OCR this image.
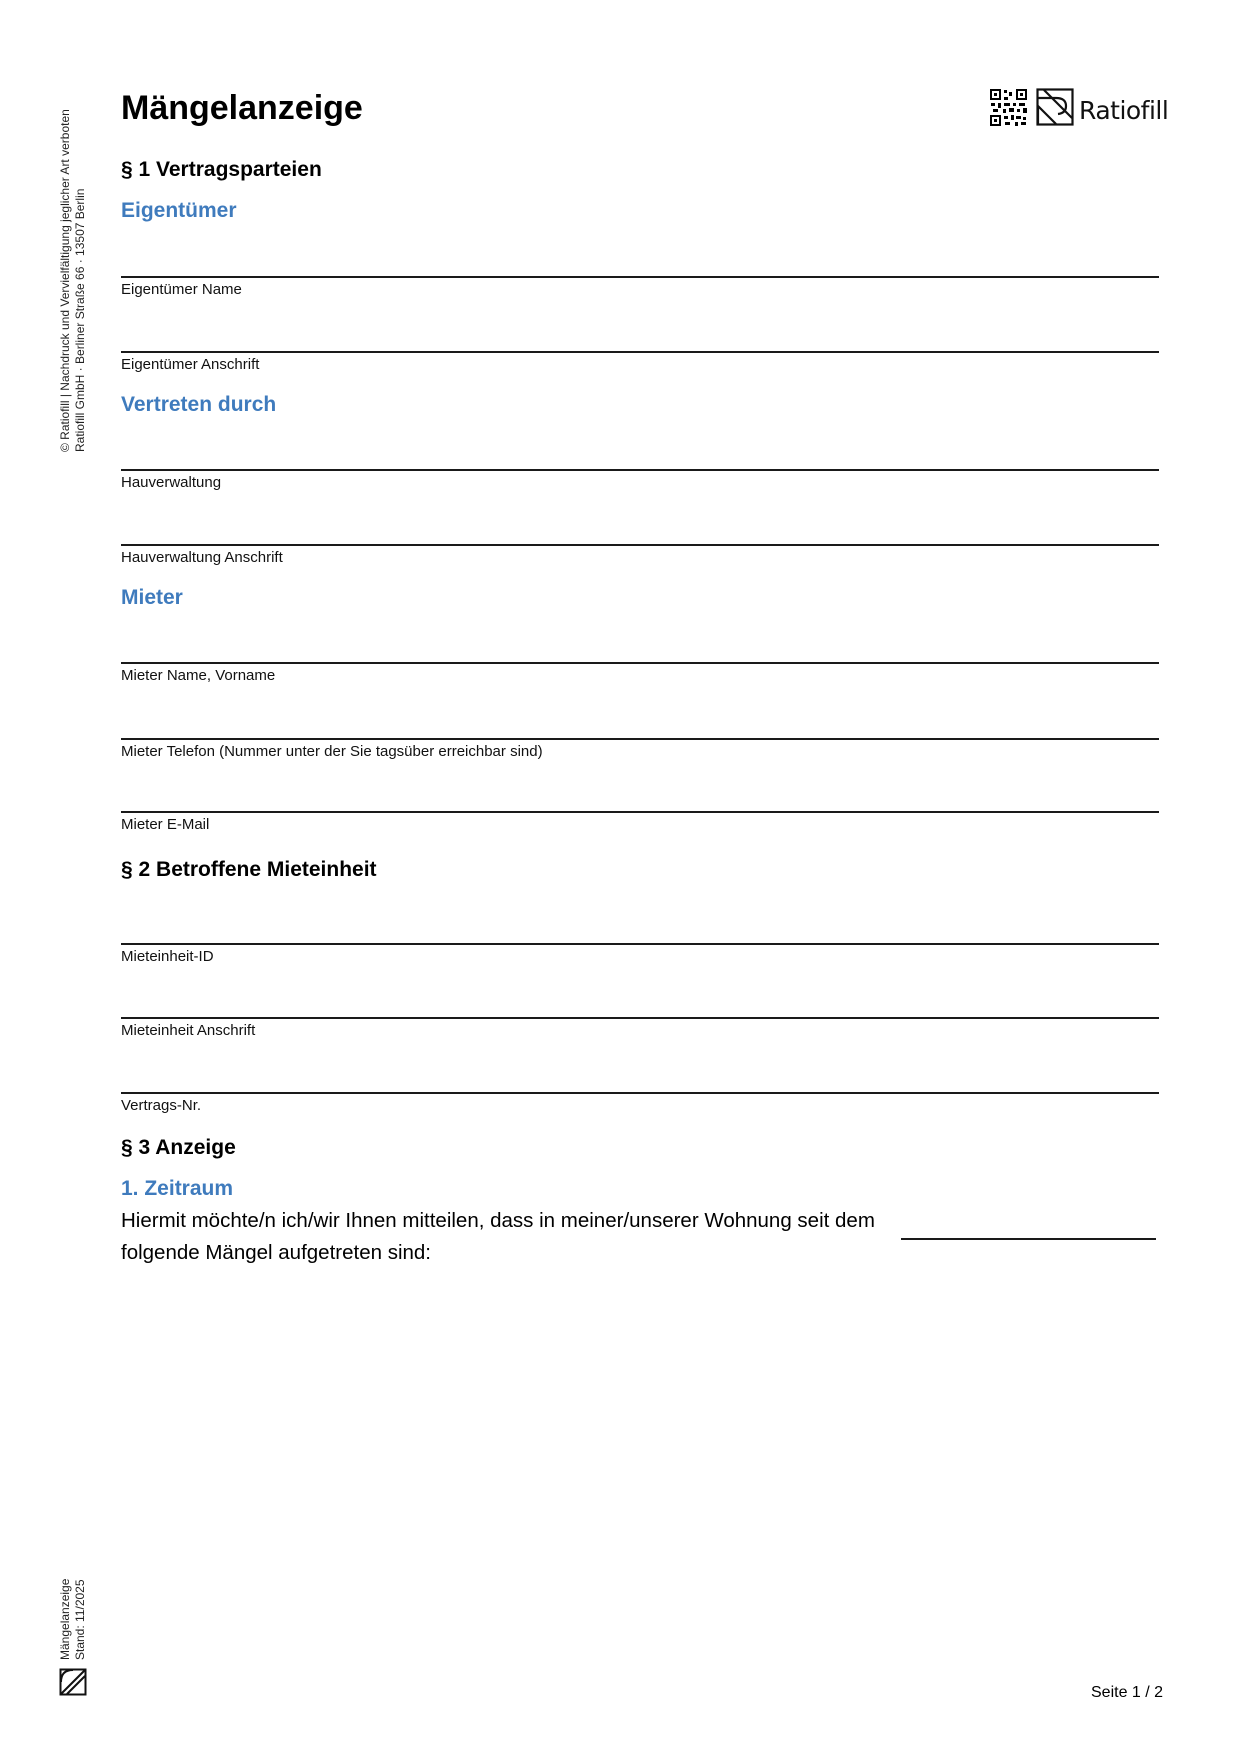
© Ratiofill | Nachdruck und Vervielfältigung jeglicher Art verboten Ratiofill GmbH · Berliner Straße 66 · 13507 Berlin
Mängelanzeige Stand: 11/2025
Mängelanzeige	Ratiofill
§ 1 Vertragsparteien
Eigentümer
Eigentümer Name
Eigentümer Anschrift
Vertreten durch
Hauverwaltung
Hauverwaltung Anschrift
Mieter
Mieter Name, Vorname
Mieter Telefon (Nummer unter der Sie tagsüber erreichbar sind)
Mieter E-Mail
§ 2 Betroffene Mieteinheit
Mieteinheit-ID
Mieteinheit Anschrift
Vertrags-Nr.
§ 3 Anzeige
1. Zeitraum

Hiermit möchte/n ich/wir Ihnen mitteilen, dass in meiner/unserer Wohnung seit dem
folgende Mängel aufgetreten sind:

Seite 1 / 2
